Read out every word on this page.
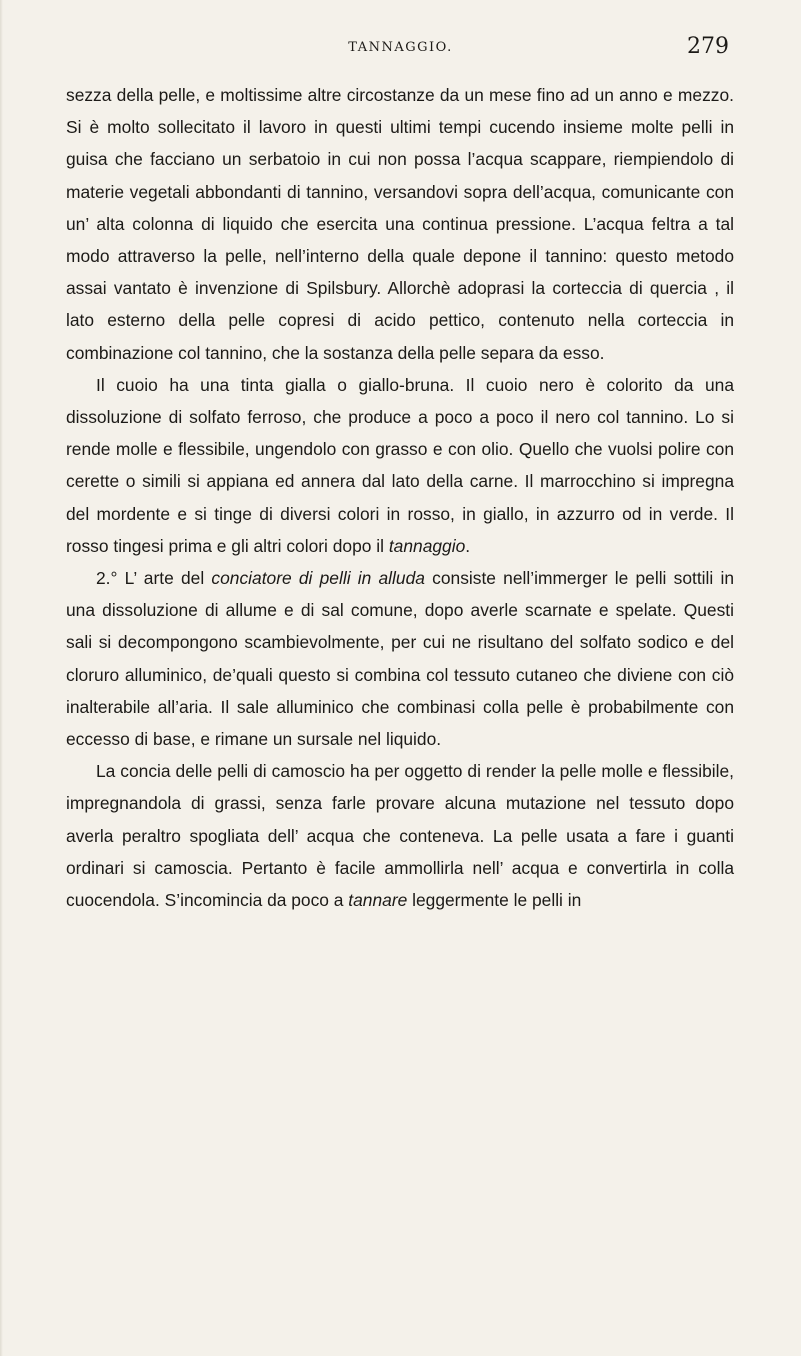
TANNAGGIO.	279

sezza della pelle, e moltissime altre circostanze da un mese fino ad un anno e mezzo. Si è molto sollecitato il lavoro in questi ultimi tempi cucendo insieme molte pelli in guisa che facciano un serbatoio in cui non possa l’acqua scappare, riempiendolo di materie vegetali abbondanti di tannino, versandovi sopra dell’acqua, comunicante con un’ alta colonna di liquido che esercita una continua pressione. L’acqua feltra a tal modo attraverso la pelle, nell’interno della quale depone il tannino: questo metodo assai vantato è invenzione di Spilsbury. Allorchè adoprasi la corteccia di quercia , il lato esterno della pelle copresi di acido pettico, contenuto nella corteccia in combinazione col tannino, che la sostanza della pelle separa da esso.

Il cuoio ha una tinta gialla o giallo-bruna. Il cuoio nero è colorito da una dissoluzione di solfato ferroso, che produce a poco a poco il nero col tannino. Lo si rende molle e flessibile, ungendolo con grasso e con olio. Quello che vuolsi polire con cerette o simili si appiana ed annera dal lato della carne. Il marrocchino si impregna del mordente e si tinge di diversi colori in rosso, in giallo, in azzurro od in verde. Il rosso tingesi prima e gli altri colori dopo il tannaggio.

2.° L’ arte del conciatore di pelli in alluda consiste nell’immerger le pelli sottili in una dissoluzione di allume e di sal comune, dopo averle scarnate e spelate. Questi sali si decompongono scambievolmente, per cui ne risultano del solfato sodico e del cloruro alluminico, de’quali questo si combina col tessuto cutaneo che diviene con ciò inalterabile all’aria. Il sale alluminico che combinasi colla pelle è probabilmente con eccesso di base, e rimane un sursale nel liquido.

La concia delle pelli di camoscio ha per oggetto di render la pelle molle e flessibile, impregnandola di grassi, senza farle provare alcuna mutazione nel tessuto dopo averla peraltro spogliata dell’ acqua che conteneva. La pelle usata a fare i guanti ordinari si camoscia. Pertanto è facile ammollirla nell’ acqua e convertirla in colla cuocendola. S’incomincia da poco a tannare leggermente le pelli in
